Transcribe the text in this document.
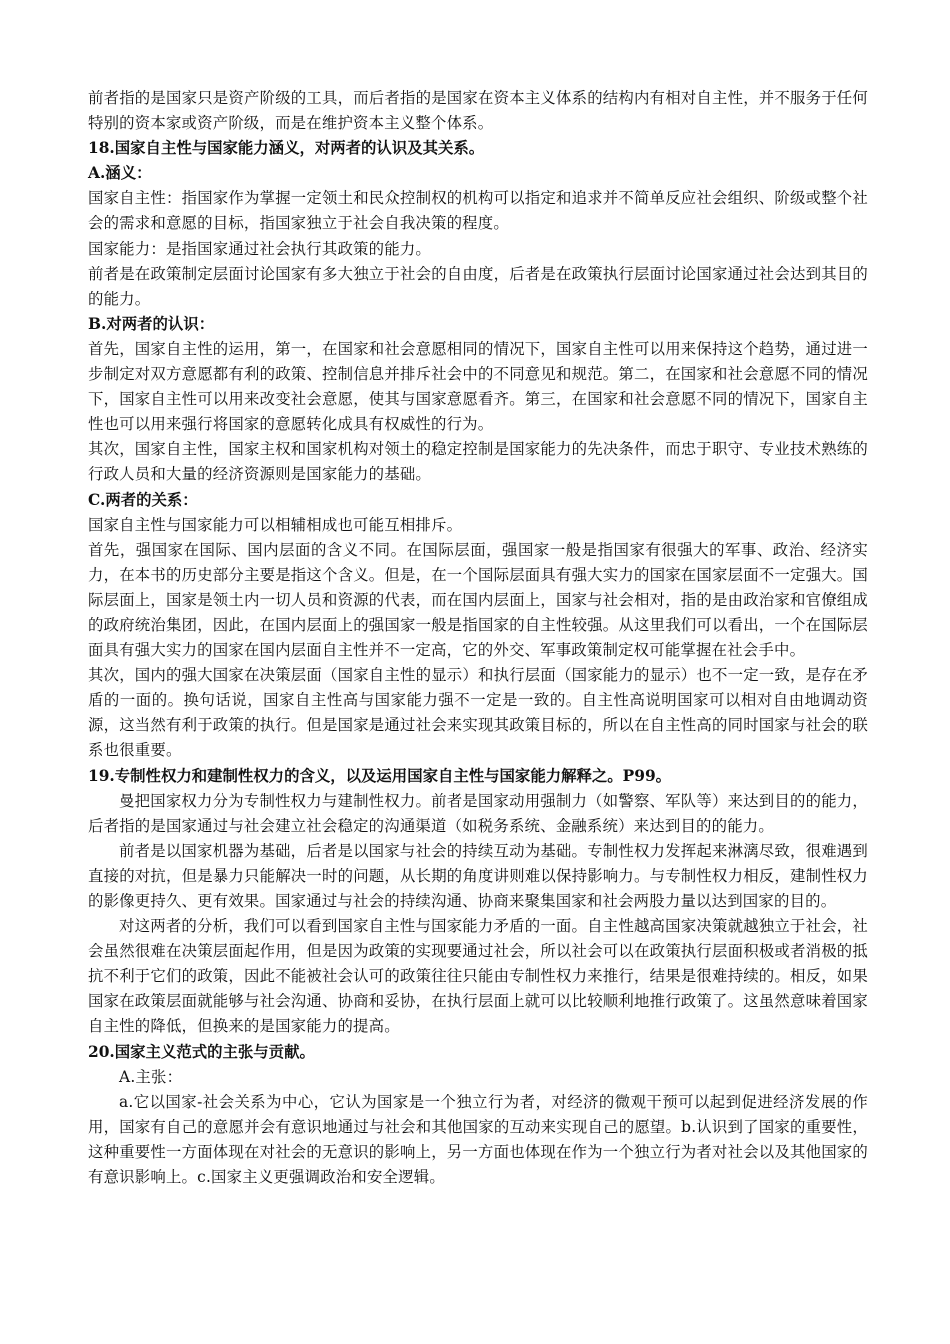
前者指的是国家只是资产阶级的工具，而后者指的是国家在资本主义体系的结构内有相对自主性，并不服务于任何特别的资本家或资产阶级，而是在维护资本主义整个体系。

18.国家自主性与国家能力涵义，对两者的认识及其关系。

A.涵义：

国家自主性：指国家作为掌握一定领土和民众控制权的机构可以指定和追求并不简单反应社会组织、阶级或整个社会的需求和意愿的目标，指国家独立于社会自我决策的程度。

国家能力：是指国家通过社会执行其政策的能力。

前者是在政策制定层面讨论国家有多大独立于社会的自由度，后者是在政策执行层面讨论国家通过社会达到其目的的能力。

B.对两者的认识：

首先，国家自主性的运用，第一，在国家和社会意愿相同的情况下，国家自主性可以用来保持这个趋势，通过进一步制定对双方意愿都有利的政策、控制信息并排斥社会中的不同意见和规范。第二，在国家和社会意愿不同的情况下，国家自主性可以用来改变社会意愿，使其与国家意愿看齐。第三，在国家和社会意愿不同的情况下，国家自主性也可以用来强行将国家的意愿转化成具有权威性的行为。

其次，国家自主性，国家主权和国家机构对领土的稳定控制是国家能力的先决条件，而忠于职守、专业技术熟练的行政人员和大量的经济资源则是国家能力的基础。

C.两者的关系：

国家自主性与国家能力可以相辅相成也可能互相排斥。

首先，强国家在国际、国内层面的含义不同。在国际层面，强国家一般是指国家有很强大的军事、政治、经济实力，在本书的历史部分主要是指这个含义。但是，在一个国际层面具有强大实力的国家在国家层面不一定强大。国际层面上，国家是领土内一切人员和资源的代表，而在国内层面上，国家与社会相对，指的是由政治家和官僚组成的政府统治集团，因此，在国内层面上的强国家一般是指国家的自主性较强。从这里我们可以看出，一个在国际层面具有强大实力的国家在国内层面自主性并不一定高，它的外交、军事政策制定权可能掌握在社会手中。

其次，国内的强大国家在决策层面（国家自主性的显示）和执行层面（国家能力的显示）也不一定一致，是存在矛盾的一面的。换句话说，国家自主性高与国家能力强不一定是一致的。自主性高说明国家可以相对自由地调动资源，这当然有利于政策的执行。但是国家是通过社会来实现其政策目标的，所以在自主性高的同时国家与社会的联系也很重要。

19.专制性权力和建制性权力的含义，以及运用国家自主性与国家能力解释之。P99。

曼把国家权力分为专制性权力与建制性权力。前者是国家动用强制力（如警察、军队等）来达到目的的能力，后者指的是国家通过与社会建立社会稳定的沟通渠道（如税务系统、金融系统）来达到目的的能力。

前者是以国家机器为基础，后者是以国家与社会的持续互动为基础。专制性权力发挥起来淋漓尽致，很难遇到直接的对抗，但是暴力只能解决一时的问题，从长期的角度讲则难以保持影响力。与专制性权力相反，建制性权力的影像更持久、更有效果。国家通过与社会的持续沟通、协商来聚集国家和社会两股力量以达到国家的目的。

对这两者的分析，我们可以看到国家自主性与国家能力矛盾的一面。自主性越高国家决策就越独立于社会，社会虽然很难在决策层面起作用，但是因为政策的实现要通过社会，所以社会可以在政策执行层面积极或者消极的抵抗不利于它们的政策，因此不能被社会认可的政策往往只能由专制性权力来推行，结果是很难持续的。相反，如果国家在政策层面就能够与社会沟通、协商和妥协，在执行层面上就可以比较顺利地推行政策了。这虽然意味着国家自主性的降低，但换来的是国家能力的提高。

20.国家主义范式的主张与贡献。

A.主张：

a.它以国家-社会关系为中心，它认为国家是一个独立行为者，对经济的微观干预可以起到促进经济发展的作用，国家有自己的意愿并会有意识地通过与社会和其他国家的互动来实现自己的愿望。b.认识到了国家的重要性，这种重要性一方面体现在对社会的无意识的影响上，另一方面也体现在作为一个独立行为者对社会以及其他国家的有意识影响上。c.国家主义更强调政治和安全逻辑。
